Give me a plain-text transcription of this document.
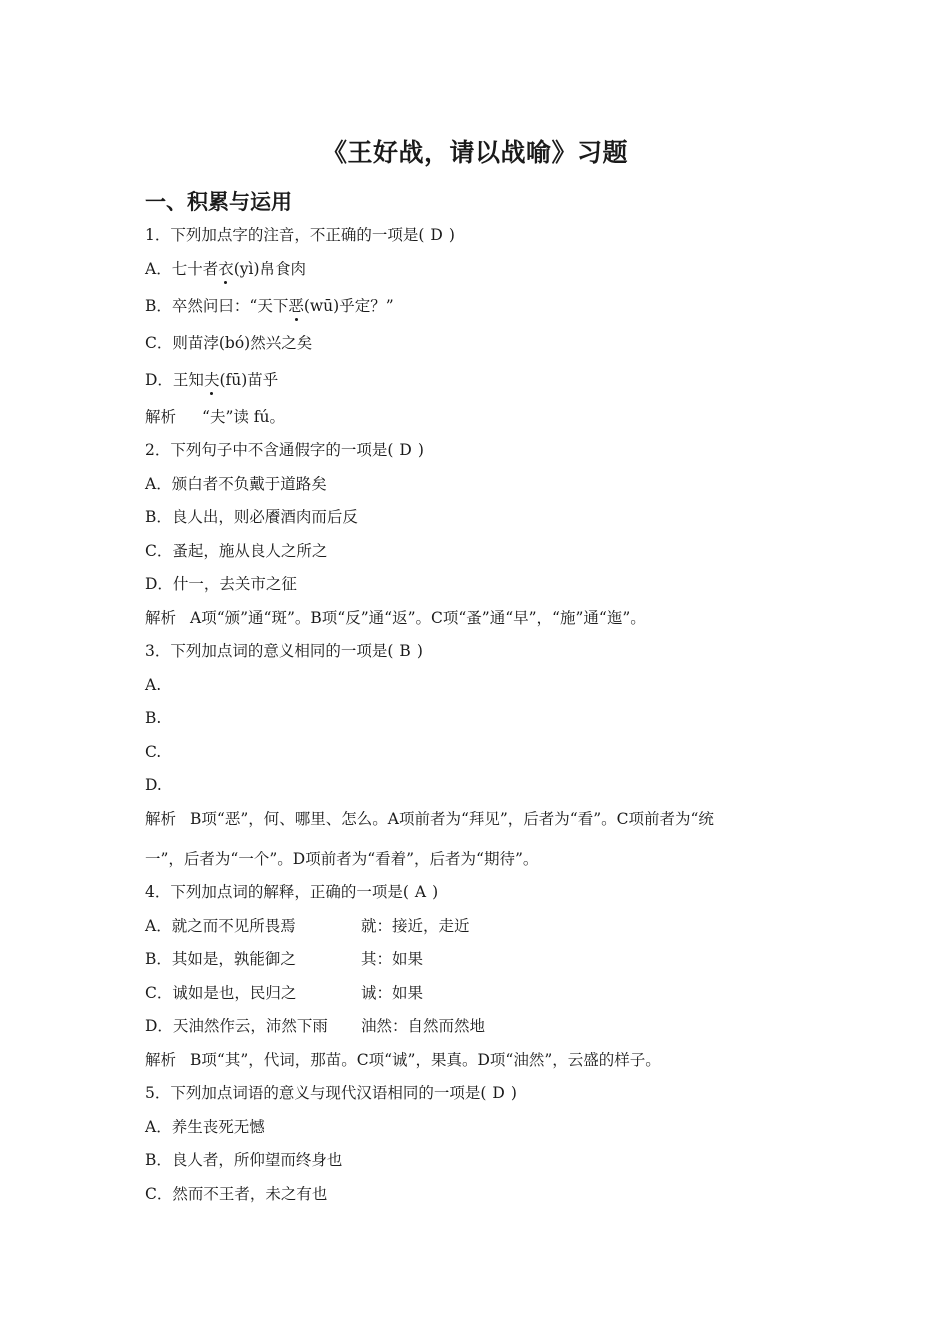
《王好战，请以战喻》习题
一、积累与运用
1．下列加点字的注音，不正确的一项是( D )
A．七十者衣(yì)帛食肉
B．卒然问曰：“天下恶(wū)乎定？”
C．则苗浡(bó)然兴之矣
D．王知夫(fū)苗乎
解析 “夫”读 fú。
2．下列句子中不含通假字的一项是( D )
A．颁白者不负戴于道路矣
B．良人出，则必餍酒肉而后反
C．蚤起，施从良人之所之
D．什一，去关市之征
解析 A项“颁”通“斑”。B项“反”通“返”。C项“蚤”通“早”，“施”通“迤”。
3．下列加点词的意义相同的一项是( B )
A.
B.
C.
D.
解析 B项“恶”，何、哪里、怎么。A项前者为“拜见”，后者为“看”。C项前者为“统
一”，后者为“一个”。D项前者为“看着”，后者为“期待”。
4．下列加点词的解释，正确的一项是( A )
A．就之而不见所畏焉	就：接近，走近
B．其如是，孰能御之	其：如果
C．诚如是也，民归之	诚：如果
D．天油然作云，沛然下雨 油然：自然而然地
解析 B项“其”，代词，那苗。C项“诚”，果真。D项“油然”，云盛的样子。
5．下列加点词语的意义与现代汉语相同的一项是( D )
A．养生丧死无憾
B．良人者，所仰望而终身也
C．然而不王者，未之有也
